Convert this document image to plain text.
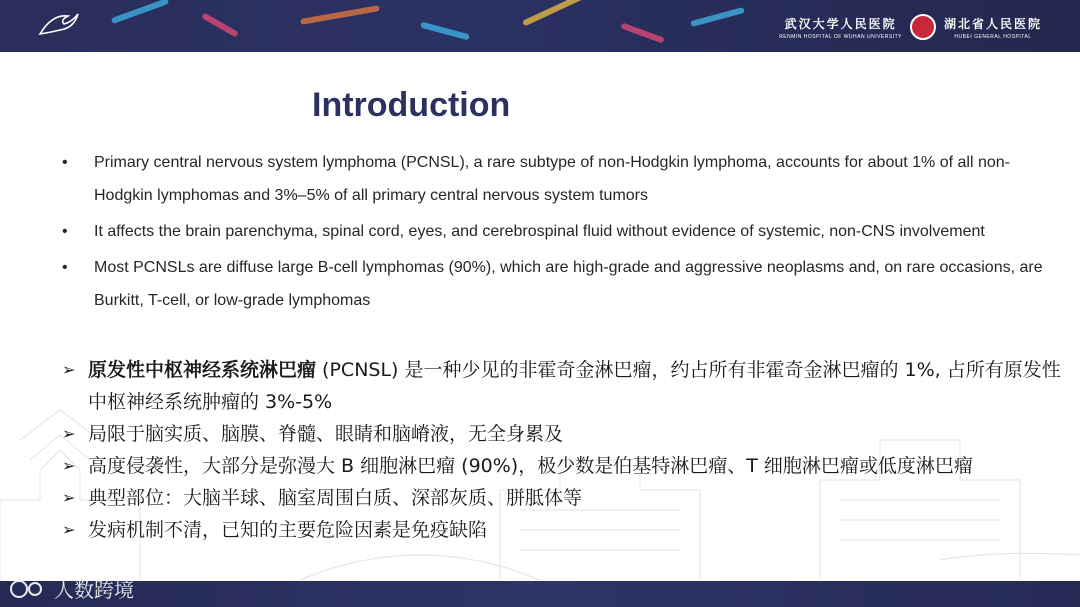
武汉大学人民医院
RENMIN HOSPITAL OF WUHAN UNIVERSITY
湖北省人民医院
HUBEI GENERAL HOSPITAL
Introduction
• Primary central nervous system lymphoma (PCNSL), a rare subtype of non-Hodgkin lymphoma, accounts for about 1% of all non-Hodgkin lymphomas and 3%–5% of all primary central nervous system tumors
• It affects the brain parenchyma, spinal cord, eyes, and cerebrospinal fluid without evidence of systemic, non-CNS involvement
• Most PCNSLs are diffuse large B-cell lymphomas (90%), which are high-grade and aggressive neoplasms and, on rare occasions, are Burkitt, T-cell, or low-grade lymphomas
➢ 原发性中枢神经系统淋巴瘤 (PCNSL) 是一种少见的非霍奇金淋巴瘤，约占所有非霍奇金淋巴瘤的 1%, 占所有原发性中枢神经系统肿瘤的 3%-5%
➢ 局限于脑实质、脑膜、脊髓、眼睛和脑嵴液，无全身累及
➢ 高度侵袭性，大部分是弥漫大 B 细胞淋巴瘤 (90%)，极少数是伯基特淋巴瘤、T 细胞淋巴瘤或低度淋巴瘤
➢ 典型部位：大脑半球、脑室周围白质、深部灰质、胼胝体等
➢ 发病机制不清，已知的主要危险因素是免疫缺陷
人数跨境
